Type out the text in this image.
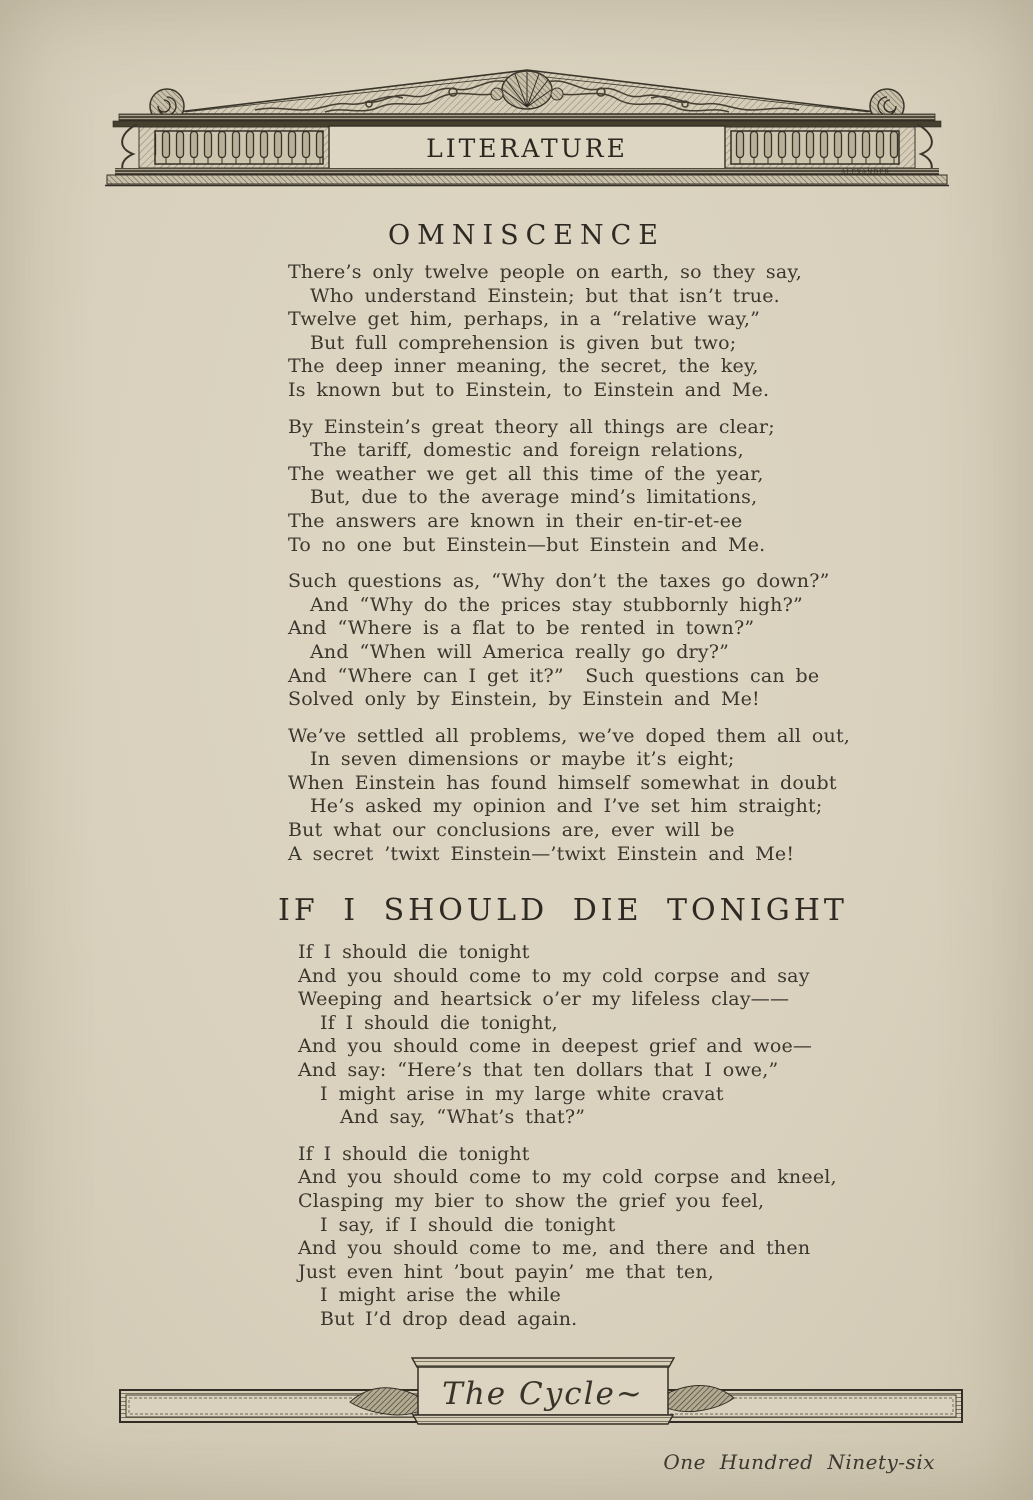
LITERATURE
ALEXANDER
OMNISCENCE
There’s only twelve people on earth, so they say,
Who understand Einstein; but that isn’t true.
Twelve get him, perhaps, in a “relative way,”
But full comprehension is given but two;
The deep inner meaning, the secret, the key,
Is known but to Einstein, to Einstein and Me.
By Einstein’s great theory all things are clear;
The tariff, domestic and foreign relations,
The weather we get all this time of the year,
But, due to the average mind’s limitations,
The answers are known in their en-tir-et-ee
To no one but Einstein—but Einstein and Me.
Such questions as, “Why don’t the taxes go down?”
And “Why do the prices stay stubbornly high?”
And “Where is a flat to be rented in town?”
And “When will America really go dry?”
And “Where can I get it?”  Such questions can be
Solved only by Einstein, by Einstein and Me!
We’ve settled all problems, we’ve doped them all out,
In seven dimensions or maybe it’s eight;
When Einstein has found himself somewhat in doubt
He’s asked my opinion and I’ve set him straight;
But what our conclusions are, ever will be
A secret ’twixt Einstein—’twixt Einstein and Me!
IF I SHOULD DIE TONIGHT
If I should die tonight
And you should come to my cold corpse and say
Weeping and heartsick o’er my lifeless clay——
If I should die tonight,
And you should come in deepest grief and woe—
And say: “Here’s that ten dollars that I owe,”
I might arise in my large white cravat
And say, “What’s that?”
If I should die tonight
And you should come to my cold corpse and kneel,
Clasping my bier to show the grief you feel,
I say, if I should die tonight
And you should come to me, and there and then
Just even hint ’bout payin’ me that ten,
I might arise the while
But I’d drop dead again.
The Cycle~
One Hundred Ninety-six
